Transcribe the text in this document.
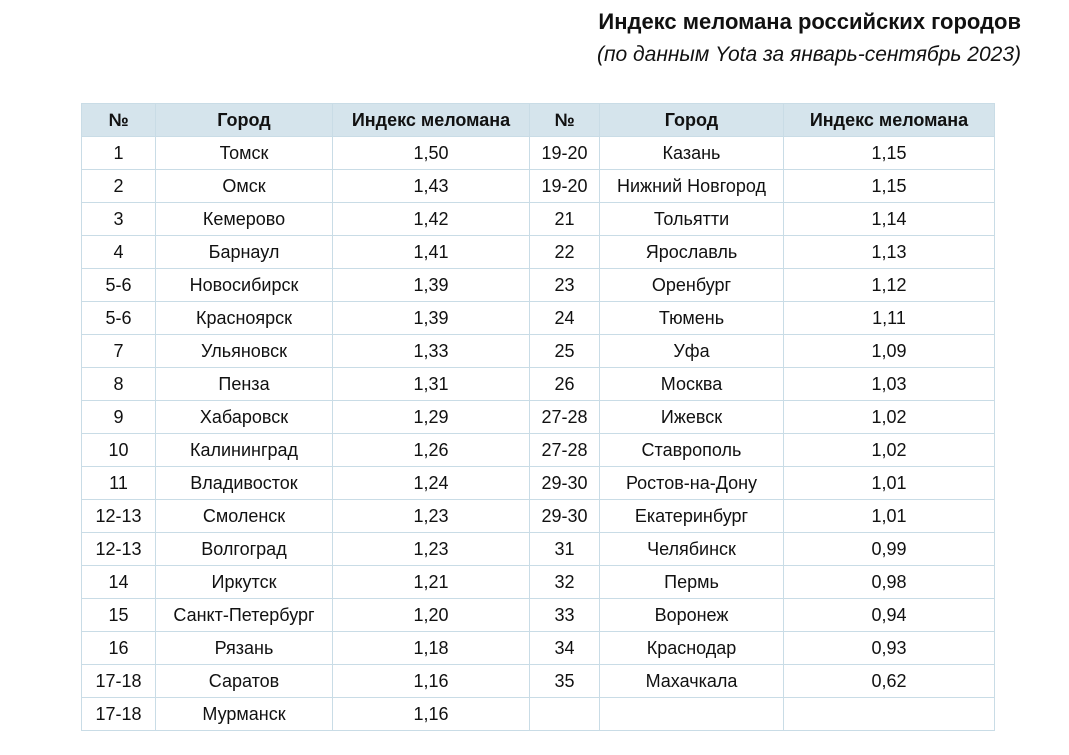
Индекс меломана российских городов
(по данным Yota за январь-сентябрь 2023)
№	Город	Индекс меломана	№	Город	Индекс меломана
1	Томск	1,50	19-20	Казань	1,15
2	Омск	1,43	19-20	Нижний Новгород	1,15
3	Кемерово	1,42	21	Тольятти	1,14
4	Барнаул	1,41	22	Ярославль	1,13
5-6	Новосибирск	1,39	23	Оренбург	1,12
5-6	Красноярск	1,39	24	Тюмень	1,11
7	Ульяновск	1,33	25	Уфа	1,09
8	Пенза	1,31	26	Москва	1,03
9	Хабаровск	1,29	27-28	Ижевск	1,02
10	Калининград	1,26	27-28	Ставрополь	1,02
11	Владивосток	1,24	29-30	Ростов-на-Дону	1,01
12-13	Смоленск	1,23	29-30	Екатеринбург	1,01
12-13	Волгоград	1,23	31	Челябинск	0,99
14	Иркутск	1,21	32	Пермь	0,98
15	Санкт-Петербург	1,20	33	Воронеж	0,94
16	Рязань	1,18	34	Краснодар	0,93
17-18	Саратов	1,16	35	Махачкала	0,62
17-18	Мурманск	1,16			
